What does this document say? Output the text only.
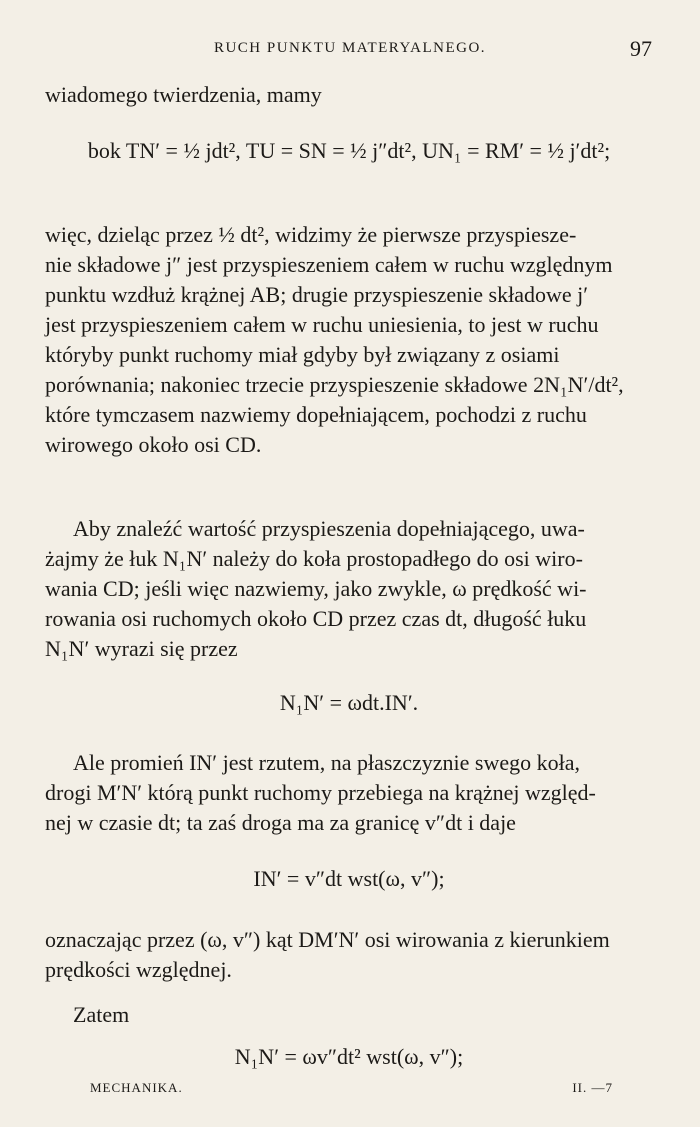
RUCH PUNKTU MATERYALNEGO.	97
wiadomego twierdzenia, mamy
bok TN′ = ½ jdt², TU = SN = ½ j″dt², UN₁ = RM′ = ½ j′dt²;
więc, dzieląc przez ½ dt², widzimy że pierwsze przyspiesze-
nie składowe j″ jest przyspieszeniem całem w ruchu względnym
punktu wzdłuż krążnej AB; drugie przyspieszenie składowe j′
jest przyspieszeniem całem w ruchu uniesienia, to jest w ruchu
któryby punkt ruchomy miał gdyby był związany z osiami
porównania; nakoniec trzecie przyspieszenie składowe 2N₁N′/dt²,
które tymczasem nazwiemy dopełniającem, pochodzi z ruchu
wirowego około osi CD.
Aby znaleźć wartość przyspieszenia dopełniającego, uwa-
żajmy że łuk N₁N′ należy do koła prostopadłego do osi wiro-
wania CD; jeśli więc nazwiemy, jako zwykle, ω prędkość wi-
rowania osi ruchomych około CD przez czas dt, długość łuku
N₁N′ wyrazi się przez
N₁N′ = ωdt.IN′.
Ale promień IN′ jest rzutem, na płaszczyznie swego koła,
drogi M′N′ którą punkt ruchomy przebiega na krążnej względ-
nej w czasie dt; ta zaś droga ma za granicę v″dt i daje
IN′ = v″dt wst(ω, v″);
oznaczając przez (ω, v″) kąt DM′N′ osi wirowania z kierunkiem
prędkości względnej.
Zatem
N₁N′ = ωv″dt² wst(ω, v″);
MECHANIKA.	II. —7
